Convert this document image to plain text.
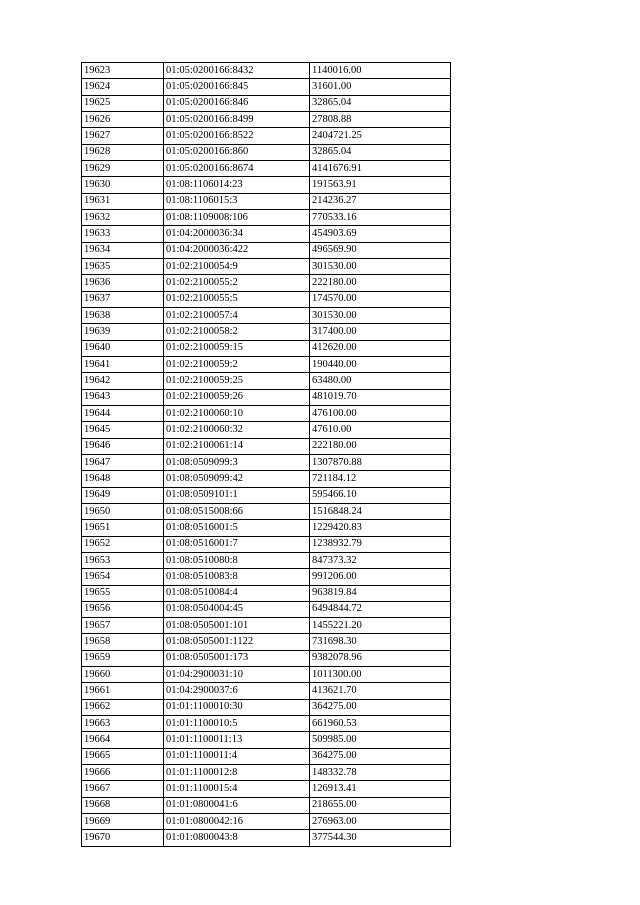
19623	01:05:0200166:8432	1140016.00
19624	01:05:0200166:845	31601.00
19625	01:05:0200166:846	32865.04
19626	01:05:0200166:8499	27808.88
19627	01:05:0200166:8522	2404721.25
19628	01:05:0200166:860	32865.04
19629	01:05:0200166:8674	4141676.91
19630	01:08:1106014:23	191563.91
19631	01:08:1106015:3	214236.27
19632	01:08:1109008:106	770533.16
19633	01:04:2000036:34	454903.69
19634	01:04:2000036:422	496569.90
19635	01:02:2100054:9	301530.00
19636	01:02:2100055:2	222180.00
19637	01:02:2100055:5	174570.00
19638	01:02:2100057:4	301530.00
19639	01:02:2100058:2	317400.00
19640	01:02:2100059:15	412620.00
19641	01:02:2100059:2	190440.00
19642	01:02:2100059:25	63480.00
19643	01:02:2100059:26	481019.70
19644	01:02:2100060:10	476100.00
19645	01:02:2100060:32	47610.00
19646	01:02:2100061:14	222180.00
19647	01:08:0509099:3	1307870.88
19648	01:08:0509099:42	721184.12
19649	01:08:0509101:1	595466.10
19650	01:08:0515008:66	1516848.24
19651	01:08:0516001:5	1229420.83
19652	01:08:0516001:7	1238932.79
19653	01:08:0510080:8	847373.32
19654	01:08:0510083:8	991206.00
19655	01:08:0510084:4	963819.84
19656	01:08:0504004:45	6494844.72
19657	01:08:0505001:101	1455221.20
19658	01:08:0505001:1122	731698.30
19659	01:08:0505001:173	9382078.96
19660	01:04:2900031:10	1011300.00
19661	01:04:2900037:6	413621.70
19662	01:01:1100010:30	364275.00
19663	01:01:1100010:5	661960.53
19664	01:01:1100011:13	509985.00
19665	01:01:1100011:4	364275.00
19666	01:01:1100012:8	148332.78
19667	01:01:1100015:4	126913.41
19668	01:01:0800041:6	218655.00
19669	01:01:0800042:16	276963.00
19670	01:01:0800043:8	377544.30
